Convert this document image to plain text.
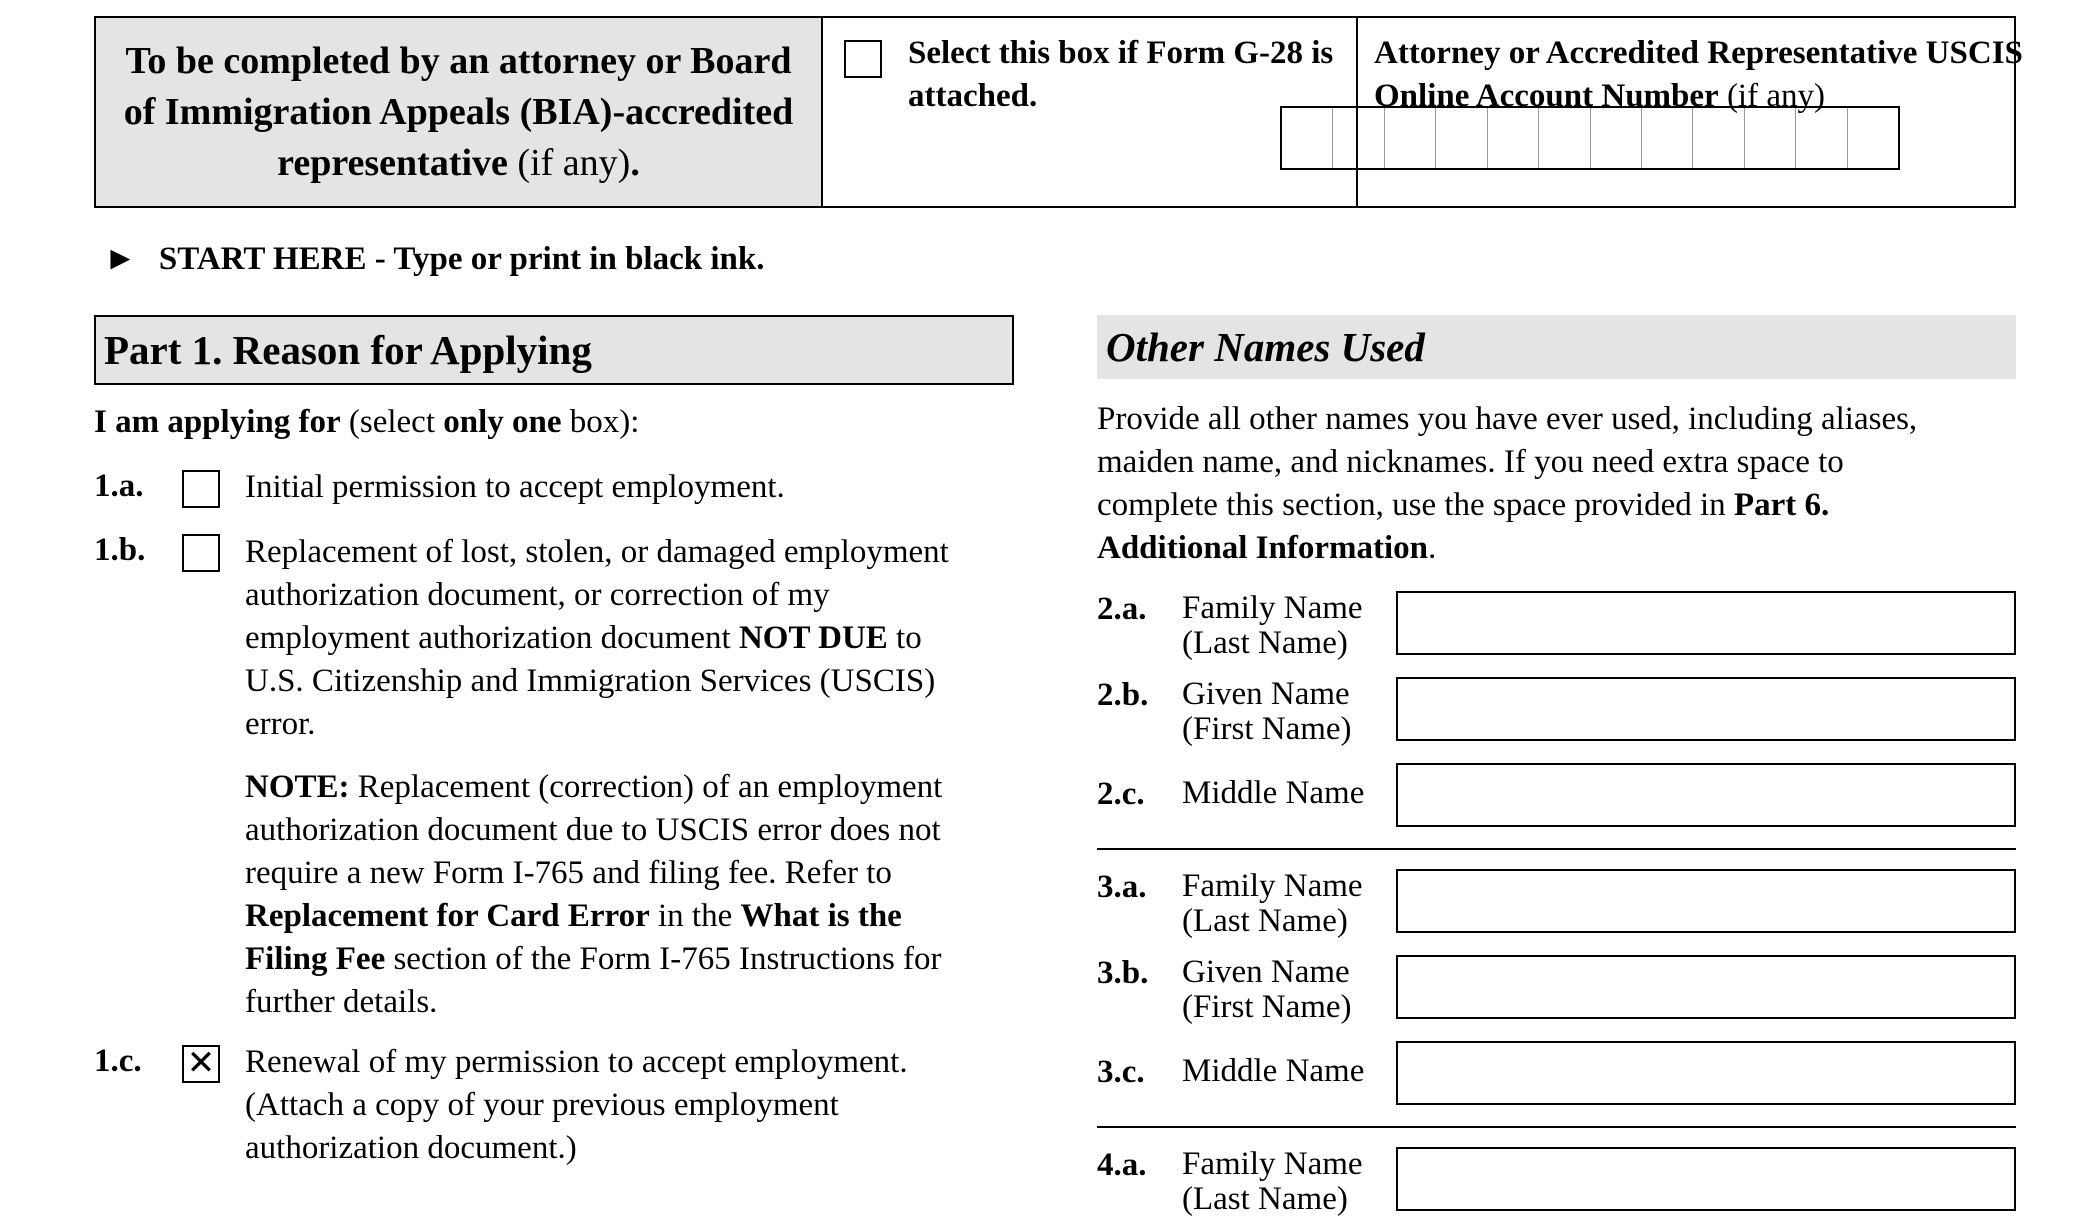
To be completed by an attorney or Board of Immigration Appeals (BIA)-accredited representative (if any).
Select this box if Form G-28 is attached.
Attorney or Accredited Representative USCIS Online Account Number (if any)
► START HERE - Type or print in black ink.
Part 1. Reason for Applying
I am applying for (select only one box):
1.a.	Initial permission to accept employment.
1.b.	Replacement of lost, stolen, or damaged employment
authorization document, or correction of my
employment authorization document NOT DUE to
U.S. Citizenship and Immigration Services (USCIS)
error.
NOTE: Replacement (correction) of an employment
authorization document due to USCIS error does not
require a new Form I-765 and filing fee. Refer to
Replacement for Card Error in the What is the
Filing Fee section of the Form I-765 Instructions for
further details.
1.c. ✕ Renewal of my permission to accept employment.
(Attach a copy of your previous employment
authorization document.)
Other Names Used
Provide all other names you have ever used, including aliases,
maiden name, and nicknames. If you need extra space to
complete this section, use the space provided in Part 6.
Additional Information.
2.a. Family Name
(Last Name)
2.b. Given Name
(First Name)
2.c. Middle Name
3.a. Family Name
(Last Name)
3.b. Given Name
(First Name)
3.c. Middle Name
4.a. Family Name
(Last Name)
